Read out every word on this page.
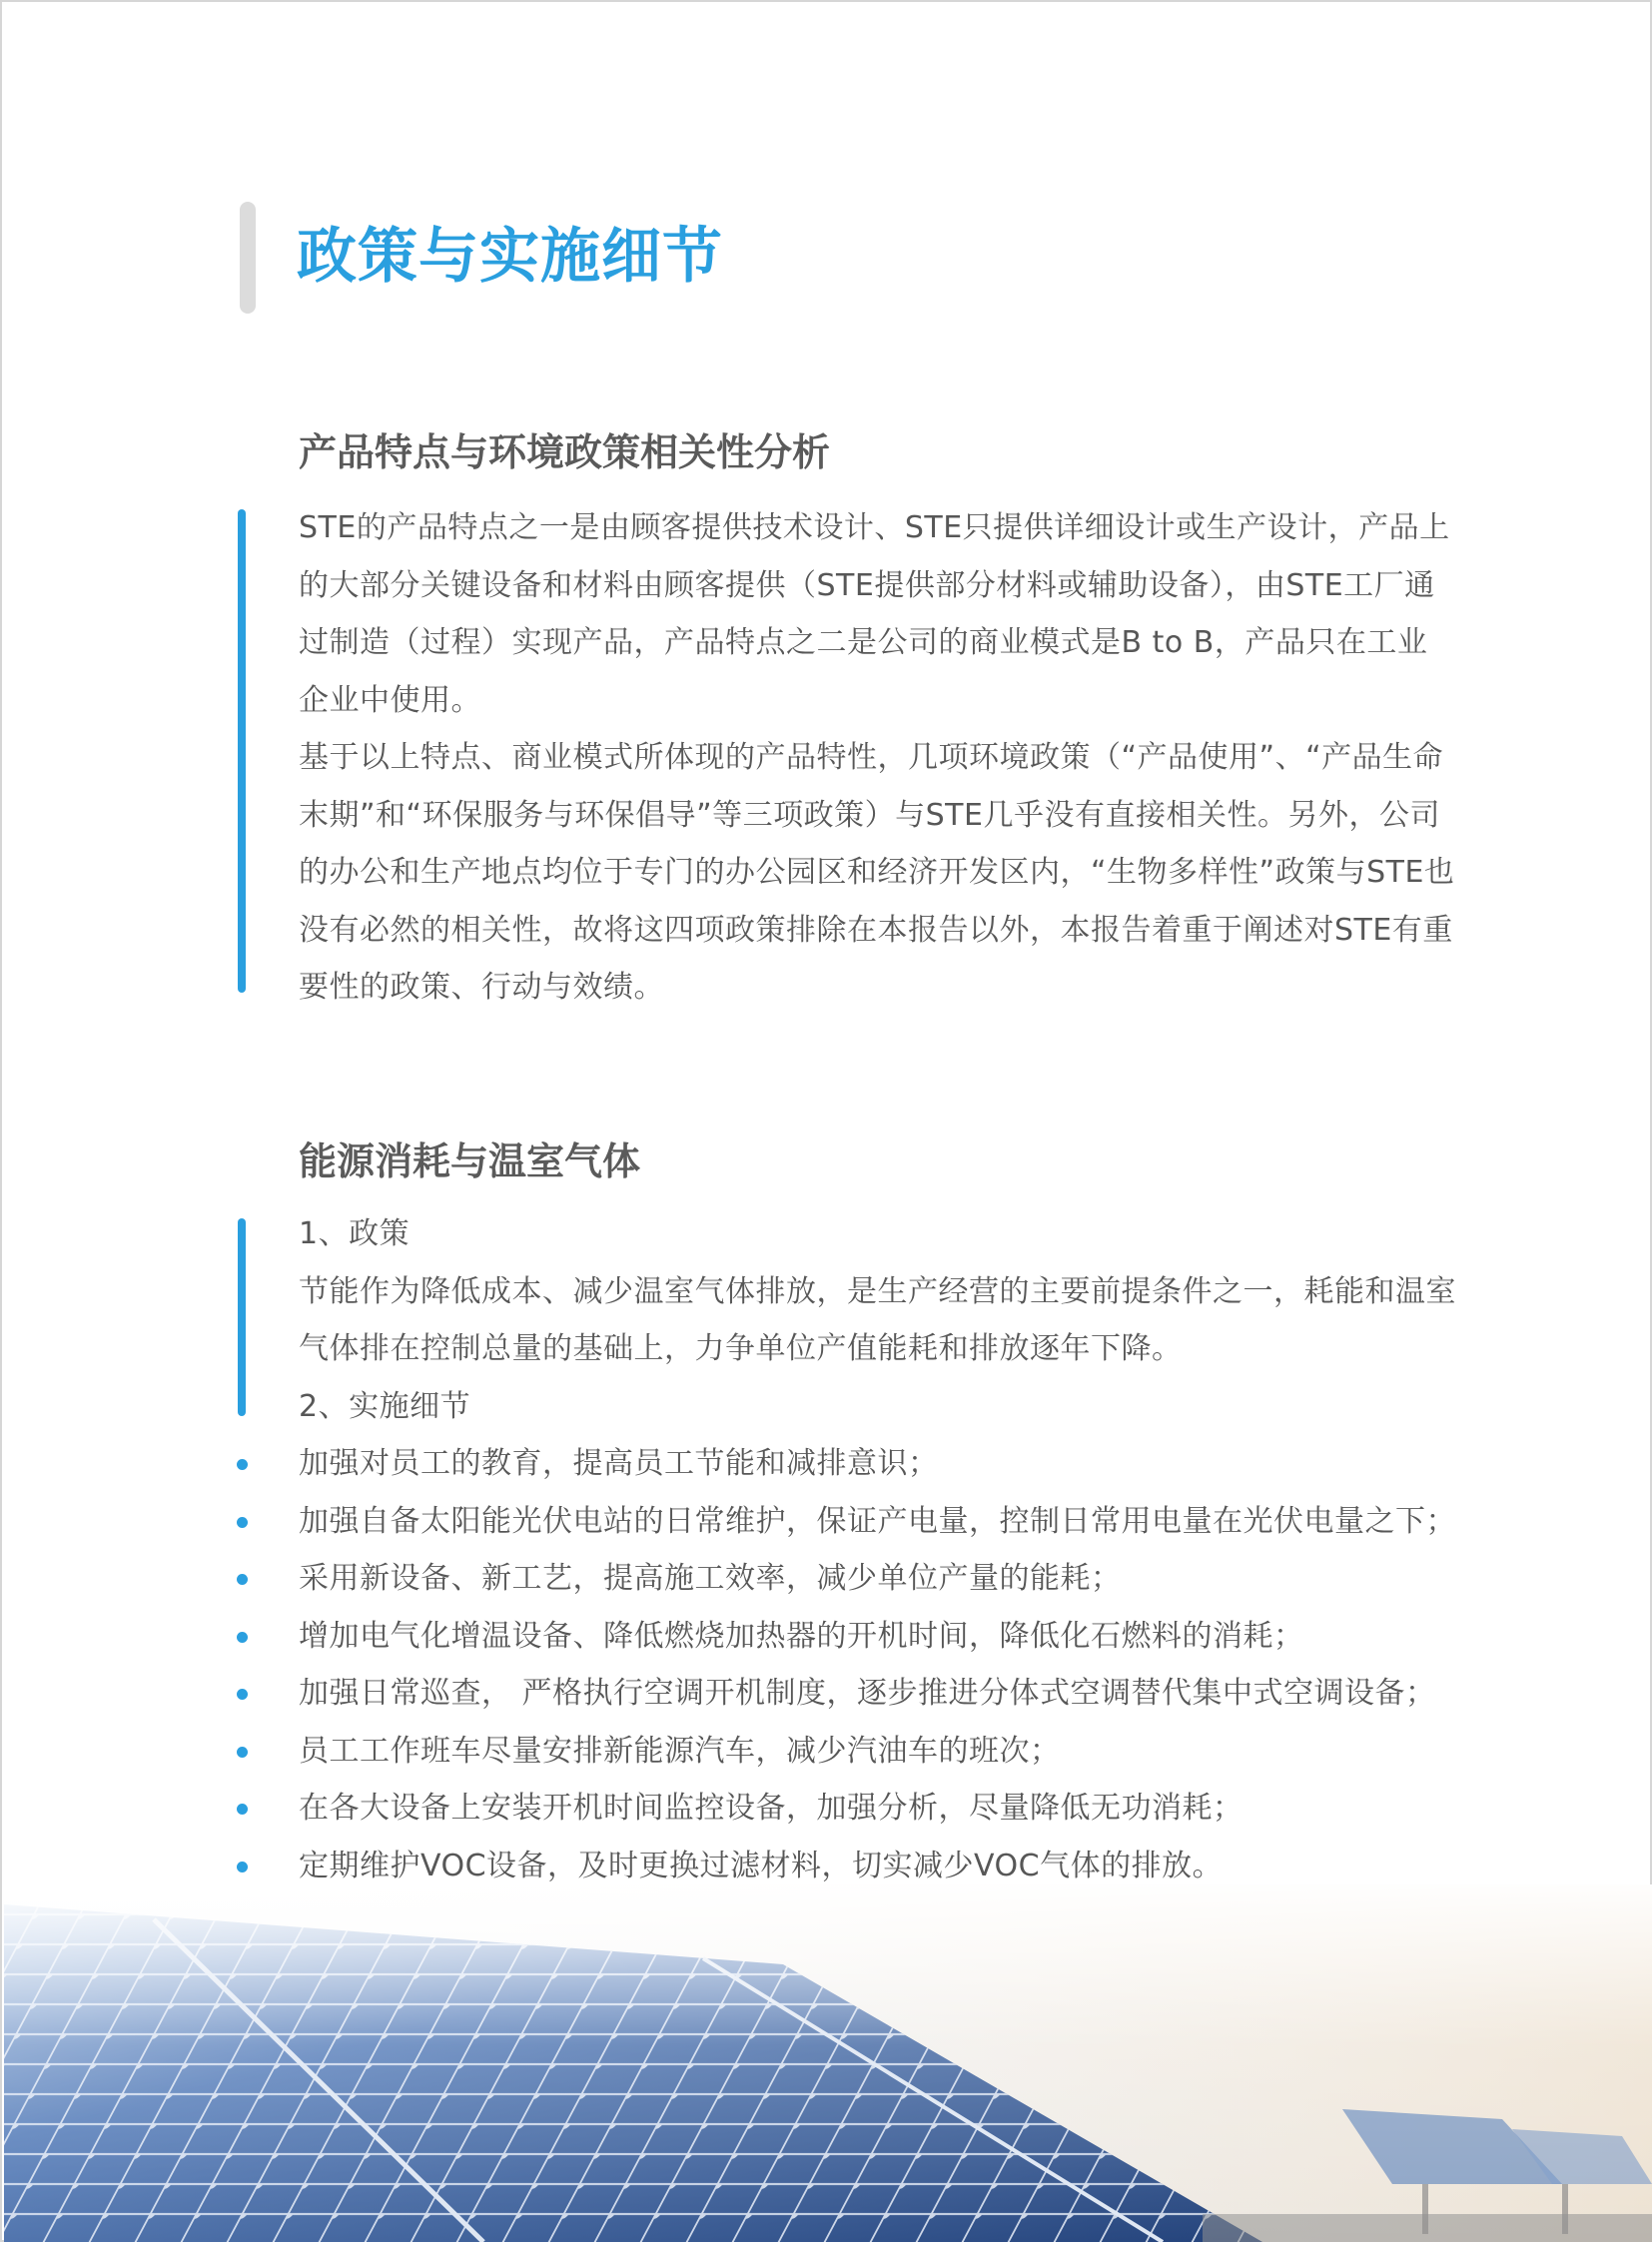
政策与实施细节
产品特点与环境政策相关性分析

STE的产品特点之一是由顾客提供技术设计、STE只提供详细设计或生产设计，产品上的大部分关键设备和材料由顾客提供（STE提供部分材料或辅助设备），由STE工厂通过制造（过程）实现产品，产品特点之二是公司的商业模式是B to B，产品只在工业企业中使用。

基于以上特点、商业模式所体现的产品特性，几项环境政策（“产品使用”、“产品生命末期”和“环保服务与环保倡导”等三项政策）与STE几乎没有直接相关性。另外，公司的办公和生产地点均位于专门的办公园区和经济开发区内，“生物多样性”政策与STE也没有必然的相关性，故将这四项政策排除在本报告以外，本报告着重于阐述对STE有重要性的政策、行动与效绩。

能源消耗与温室气体

1、政策

节能作为降低成本、减少温室气体排放，是生产经营的主要前提条件之一，耗能和温室气体排在控制总量的基础上，力争单位产值能耗和排放逐年下降。

2、实施细节

加强对员工的教育，提高员工节能和减排意识；
加强自备太阳能光伏电站的日常维护，保证产电量，控制日常用电量在光伏电量之下；
采用新设备、新工艺，提高施工效率，减少单位产量的能耗；
增加电气化增温设备、降低燃烧加热器的开机时间，降低化石燃料的消耗；
加强日常巡查， 严格执行空调开机制度，逐步推进分体式空调替代集中式空调设备；
员工工作班车尽量安排新能源汽车，减少汽油车的班次；
在各大设备上安装开机时间监控设备，加强分析，尽量降低无功消耗；
定期维护VOC设备，及时更换过滤材料，切实减少VOC气体的排放。
